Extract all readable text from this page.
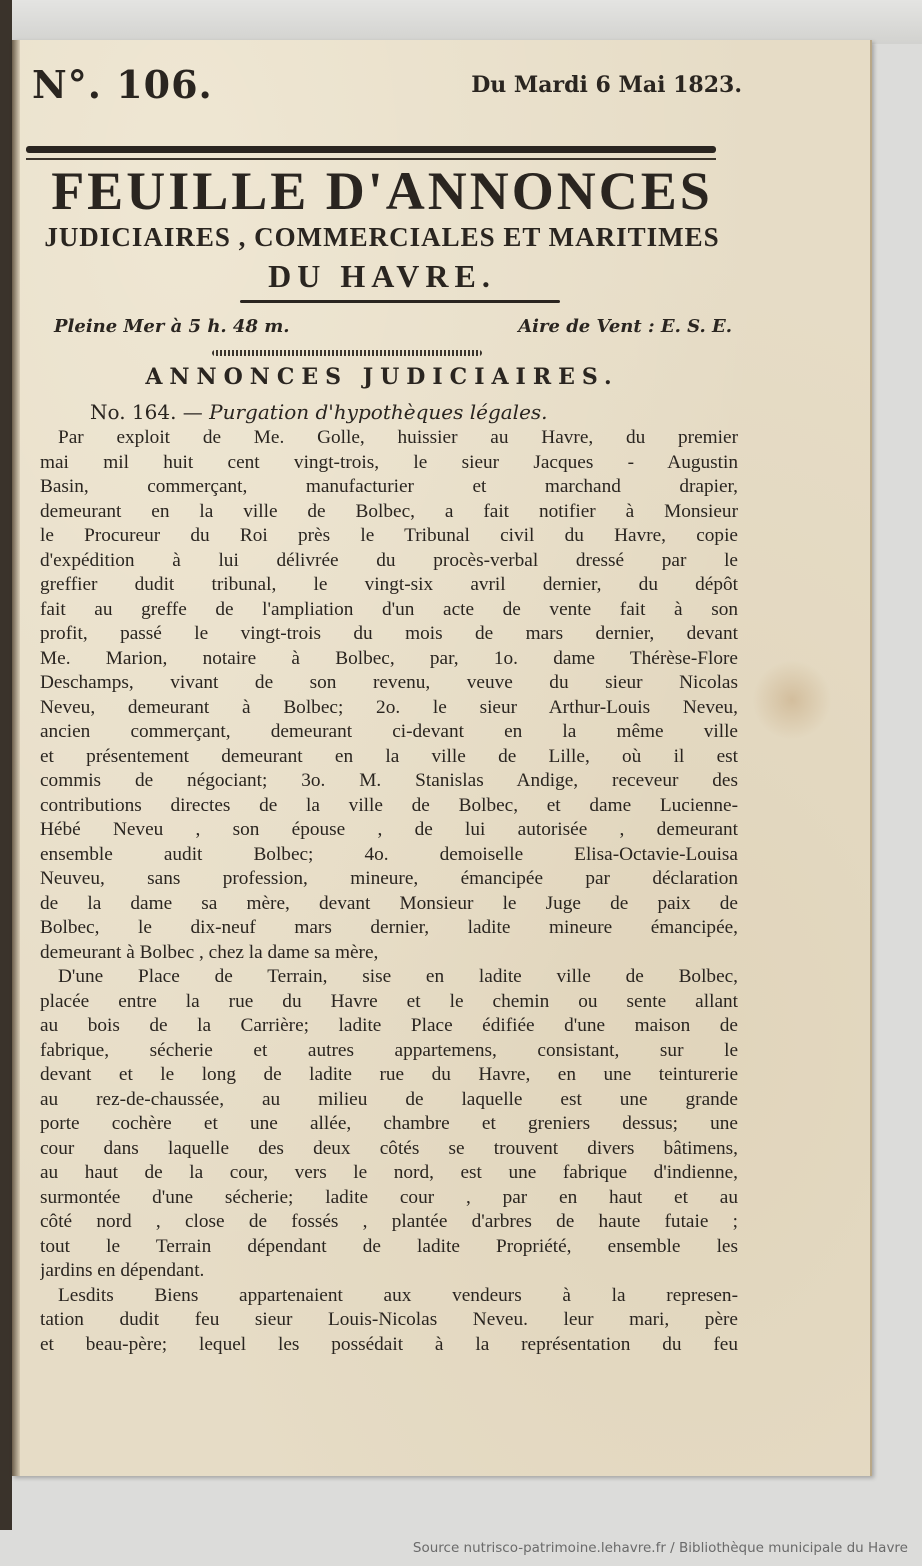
N°. 106.	Du Mardi 6 Mai 1823.
FEUILLE D'ANNONCES
JUDICIAIRES , COMMERCIALES ET MARITIMES
DU HAVRE.
Pleine Mer à 5 h. 48 m.	Aire de Vent : E. S. E.
ANNONCES JUDICIAIRES.
No. 164. — Purgation d'hypothèques légales.
Par exploit de Me. Golle, huissier au Havre, du premier
mai mil huit cent vingt-trois, le sieur Jacques - Augustin
Basin, commerçant, manufacturier et marchand drapier,
demeurant en la ville de Bolbec, a fait notifier à Monsieur
le Procureur du Roi près le Tribunal civil du Havre, copie
d'expédition à lui délivrée du procès-verbal dressé par le
greffier dudit tribunal, le vingt-six avril dernier, du dépôt
fait au greffe de l'ampliation d'un acte de vente fait à son
profit, passé le vingt-trois du mois de mars dernier, devant
Me. Marion, notaire à Bolbec, par, 1o. dame Thérèse-Flore
Deschamps, vivant de son revenu, veuve du sieur Nicolas
Neveu, demeurant à Bolbec; 2o. le sieur Arthur-Louis Neveu,
ancien commerçant, demeurant ci-devant en la même ville
et présentement demeurant en la ville de Lille, où il est
commis de négociant; 3o. M. Stanislas Andige, receveur des
contributions directes de la ville de Bolbec, et dame Lucienne-
Hébé Neveu , son épouse , de lui autorisée , demeurant
ensemble audit Bolbec; 4o. demoiselle Elisa-Octavie-Louisa
Neuveu, sans profession, mineure, émancipée par déclaration
de la dame sa mère, devant Monsieur le Juge de paix de
Bolbec, le dix-neuf mars dernier, ladite mineure émancipée,
demeurant à Bolbec , chez la dame sa mère,
D'une Place de Terrain, sise en ladite ville de Bolbec,
placée entre la rue du Havre et le chemin ou sente allant
au bois de la Carrière; ladite Place édifiée d'une maison de
fabrique, sécherie et autres appartemens, consistant, sur le
devant et le long de ladite rue du Havre, en une teinturerie
au rez-de-chaussée, au milieu de laquelle est une grande
porte cochère et une allée, chambre et greniers dessus; une
cour dans laquelle des deux côtés se trouvent divers bâtimens,
au haut de la cour, vers le nord, est une fabrique d'indienne,
surmontée d'une sécherie; ladite cour , par en haut et au
côté nord , close de fossés , plantée d'arbres de haute futaie ;
tout le Terrain dépendant de ladite Propriété, ensemble les
jardins en dépendant.
Lesdits Biens appartenaient aux vendeurs à la represen-
tation dudit feu sieur Louis-Nicolas Neveu. leur mari, père
et beau-père; lequel les possédait à la représentation du feu
Source nutrisco-patrimoine.lehavre.fr / Bibliothèque municipale du Havre
